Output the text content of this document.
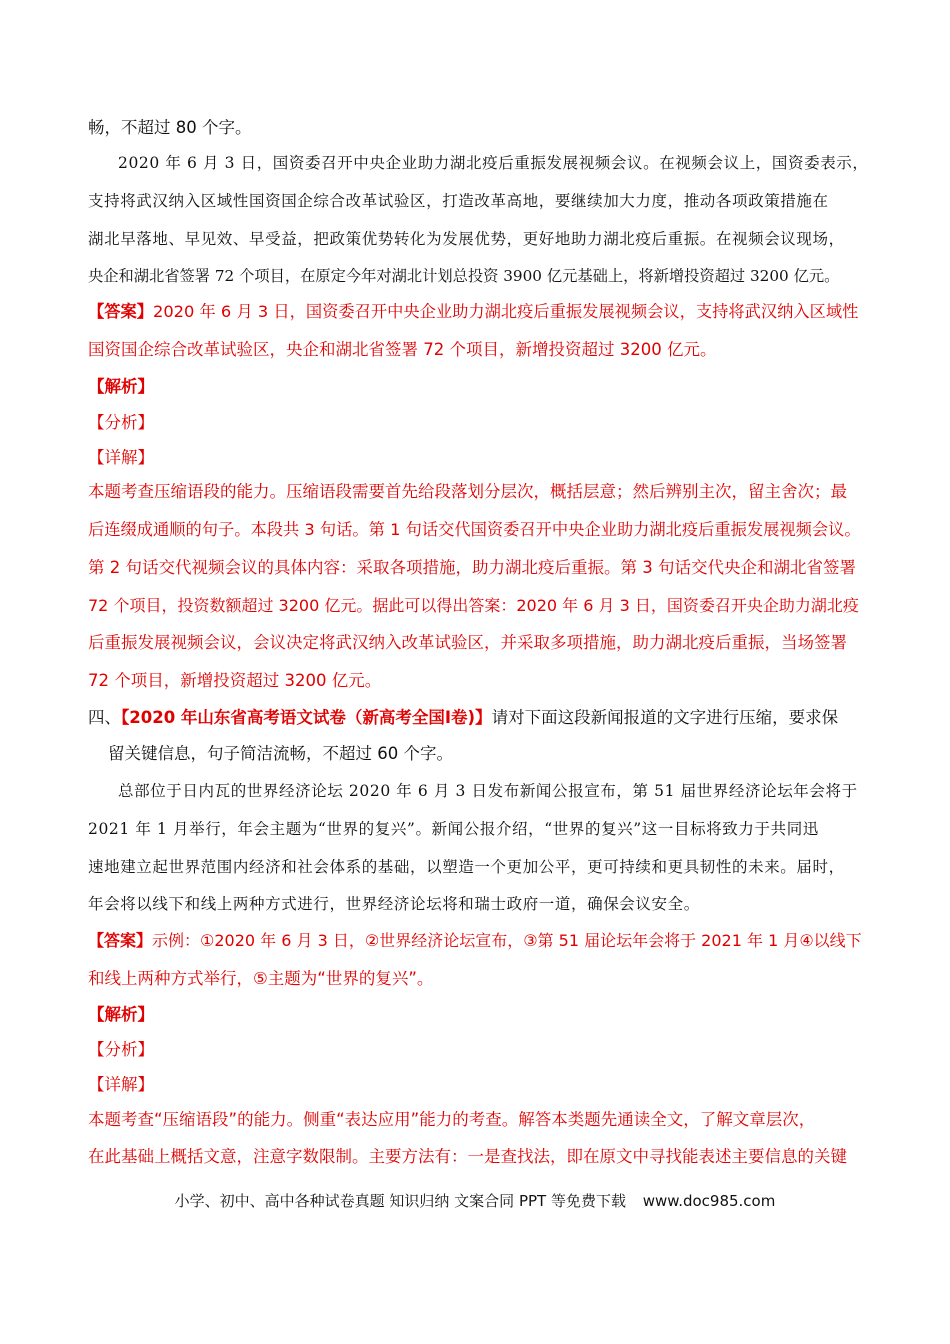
畅，不超过 80 个字。
2020 年 6 月 3 日，国资委召开中央企业助力湖北疫后重振发展视频会议。在视频会议上，国资委表示，
支持将武汉纳入区域性国资国企综合改革试验区，打造改革高地，要继续加大力度，推动各项政策措施在
湖北早落地、早见效、早受益，把政策优势转化为发展优势，更好地助力湖北疫后重振。在视频会议现场，
央企和湖北省签署 72 个项目，在原定今年对湖北计划总投资 3900 亿元基础上，将新增投资超过 3200 亿元。
【答案】2020 年 6 月 3 日，国资委召开中央企业助力湖北疫后重振发展视频会议，支持将武汉纳入区域性
国资国企综合改革试验区，央企和湖北省签署 72 个项目，新增投资超过 3200 亿元。
【解析】
【分析】
【详解】
本题考查压缩语段的能力。压缩语段需要首先给段落划分层次，概括层意；然后辨别主次，留主舍次；最
后连缀成通顺的句子。本段共 3 句话。第 1 句话交代国资委召开中央企业助力湖北疫后重振发展视频会议。
第 2 句话交代视频会议的具体内容：采取各项措施，助力湖北疫后重振。第 3 句话交代央企和湖北省签署
72 个项目，投资数额超过 3200 亿元。据此可以得出答案：2020 年 6 月 3 日，国资委召开央企助力湖北疫
后重振发展视频会议，会议决定将武汉纳入改革试验区，并采取多项措施，助力湖北疫后重振，当场签署
72 个项目，新增投资超过 3200 亿元。
四、【2020 年山东省高考语文试卷（新高考全国Ⅰ卷)】请对下面这段新闻报道的文字进行压缩，要求保
留关键信息，句子简洁流畅，不超过 60 个字。
总部位于日内瓦的世界经济论坛 2020 年 6 月 3 日发布新闻公报宣布，第 51 届世界经济论坛年会将于
2021 年 1 月举行，年会主题为“世界的复兴”。新闻公报介绍，“世界的复兴”这一目标将致力于共同迅
速地建立起世界范围内经济和社会体系的基础，以塑造一个更加公平，更可持续和更具韧性的未来。届时，
年会将以线下和线上两种方式进行，世界经济论坛将和瑞士政府一道，确保会议安全。
【答案】示例：①2020 年 6 月 3 日，②世界经济论坛宣布，③第 51 届论坛年会将于 2021 年 1 月④以线下
和线上两种方式举行，⑤主题为“世界的复兴”。
【解析】
【分析】
【详解】
本题考查“压缩语段”的能力。侧重“表达应用”能力的考查。解答本类题先通读全文，了解文章层次，
在此基础上概括文意，注意字数限制。主要方法有：一是查找法，即在原文中寻找能表述主要信息的关键
小学、初中、高中各种试卷真题 知识归纳 文案合同 PPT 等免费下载 www.doc985.com
